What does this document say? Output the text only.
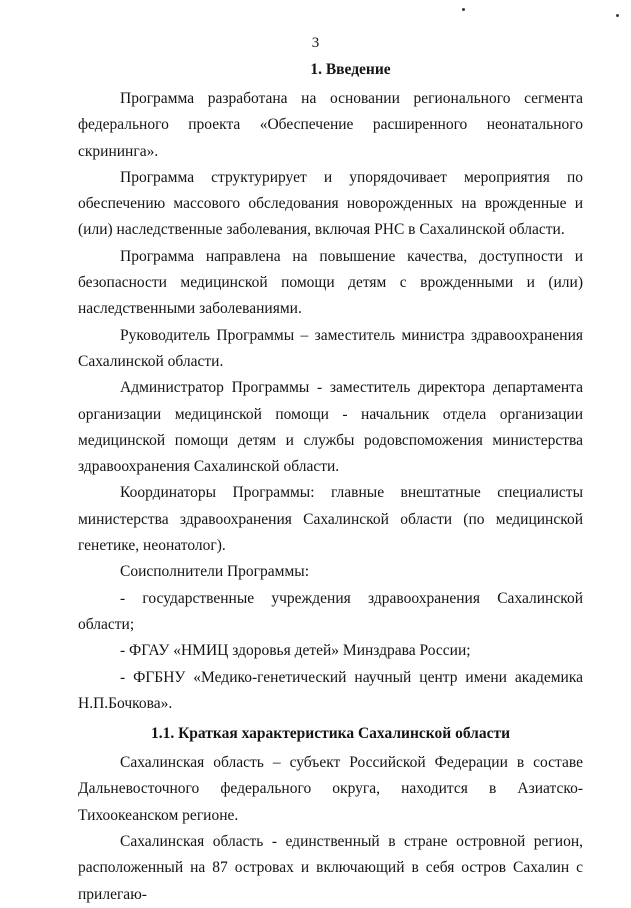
3

1. Введение

Программа разработана на основании регионального сегмента федерального проекта «Обеспечение расширенного неонатального скрининга».

Программа структурирует и упорядочивает мероприятия по обеспечению массового обследования новорожденных на врожденные и (или) наследственные заболевания, включая РНС в Сахалинской области.

Программа направлена на повышение качества, доступности и безопасности медицинской помощи детям с врожденными и (или) наследственными заболеваниями.

Руководитель Программы – заместитель министра здравоохранения Сахалинской области.

Администратор Программы - заместитель директора департамента организации медицинской помощи - начальник отдела организации медицинской помощи детям и службы родовспоможения министерства здравоохранения Сахалинской области.

Координаторы Программы: главные внештатные специалисты министерства здравоохранения Сахалинской области (по медицинской генетике, неонатолог).

Соисполнители Программы:

- государственные учреждения здравоохранения Сахалинской области;

- ФГАУ «НМИЦ здоровья детей» Минздрава России;

- ФГБНУ «Медико-генетический научный центр имени академика Н.П.Бочкова».

1.1. Краткая характеристика Сахалинской области

Сахалинская область – субъект Российской Федерации в составе Дальневосточного федерального округа, находится в Азиатско-Тихоокеанском регионе.

Сахалинская область - единственный в стране островной регион, расположенный на 87 островах и включающий в себя остров Сахалин с прилегаю-
